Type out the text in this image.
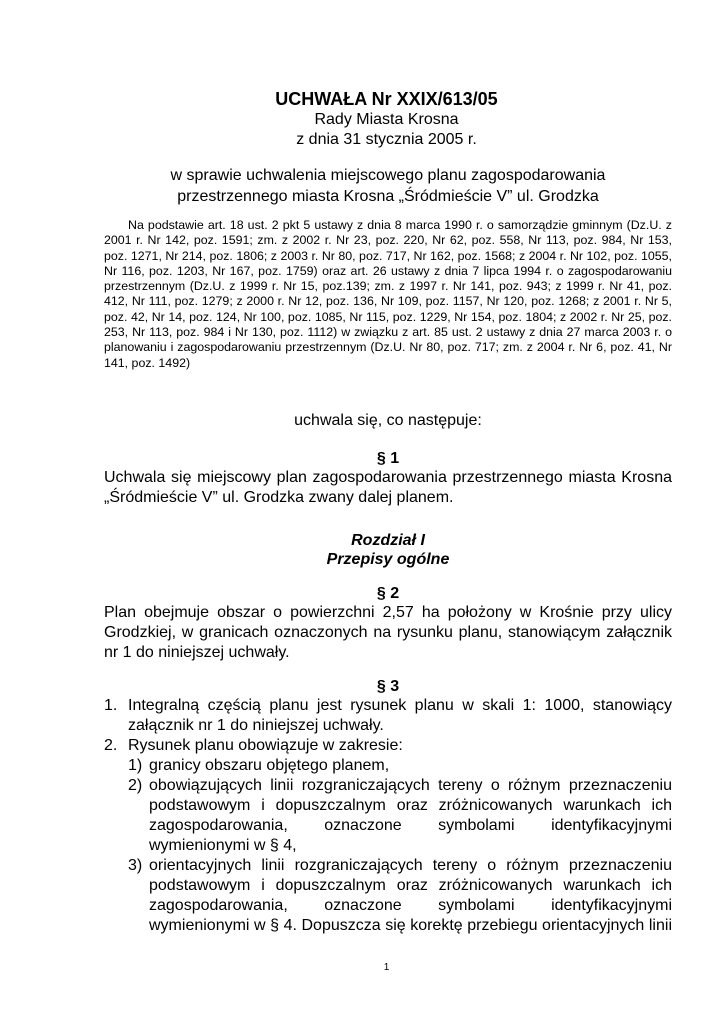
UCHWAŁA Nr XXIX/613/05
Rady Miasta Krosna
z dnia 31 stycznia 2005 r.
w sprawie uchwalenia miejscowego planu zagospodarowania
przestrzennego miasta Krosna „Śródmieście V” ul. Grodzka
Na podstawie art. 18 ust. 2 pkt 5 ustawy z dnia 8 marca 1990 r. o samorządzie gminnym (Dz.U. z 2001 r. Nr 142, poz. 1591; zm. z 2002 r. Nr 23, poz. 220, Nr 62, poz. 558, Nr 113, poz. 984, Nr 153, poz. 1271, Nr 214, poz. 1806; z 2003 r. Nr 80, poz. 717, Nr 162, poz. 1568; z 2004 r. Nr 102, poz. 1055, Nr 116, poz. 1203, Nr 167, poz. 1759) oraz art. 26 ustawy z dnia 7 lipca 1994 r. o zagospodarowaniu przestrzennym (Dz.U. z 1999 r. Nr 15, poz.139; zm. z 1997 r. Nr 141, poz. 943; z 1999 r. Nr 41, poz. 412, Nr 111, poz. 1279; z 2000 r. Nr 12, poz. 136, Nr 109, poz. 1157, Nr 120, poz. 1268; z 2001 r. Nr 5, poz. 42, Nr 14, poz. 124, Nr 100, poz. 1085, Nr 115, poz. 1229, Nr 154, poz. 1804; z 2002 r. Nr 25, poz. 253, Nr 113, poz. 984 i Nr 130, poz. 1112) w związku z art. 85 ust. 2 ustawy z dnia 27 marca 2003 r. o planowaniu i zagospodarowaniu przestrzennym (Dz.U. Nr 80, poz. 717; zm. z 2004 r. Nr 6, poz. 41, Nr 141, poz. 1492)
uchwala się, co następuje:
§ 1
Uchwala się miejscowy plan zagospodarowania przestrzennego miasta Krosna „Śródmieście V” ul. Grodzka zwany dalej planem.
Rozdział I
Przepisy ogólne
§ 2
Plan obejmuje obszar o powierzchni 2,57 ha położony w Krośnie przy ulicy Grodzkiej, w granicach oznaczonych na rysunku planu, stanowiącym załącznik nr 1 do niniejszej uchwały.
§ 3
1. Integralną częścią planu jest rysunek planu w skali 1: 1000, stanowiący załącznik nr 1 do niniejszej uchwały.
2. Rysunek planu obowiązuje w zakresie:
1) granicy obszaru objętego planem,
2) obowiązujących linii rozgraniczających tereny o różnym przeznaczeniu podstawowym i dopuszczalnym oraz zróżnicowanych warunkach ich zagospodarowania, oznaczone symbolami identyfikacyjnymi wymienionymi w § 4,
3) orientacyjnych linii rozgraniczających tereny o różnym przeznaczeniu podstawowym i dopuszczalnym oraz zróżnicowanych warunkach ich zagospodarowania, oznaczone symbolami identyfikacyjnymi wymienionymi w § 4. Dopuszcza się korektę przebiegu orientacyjnych linii
1
